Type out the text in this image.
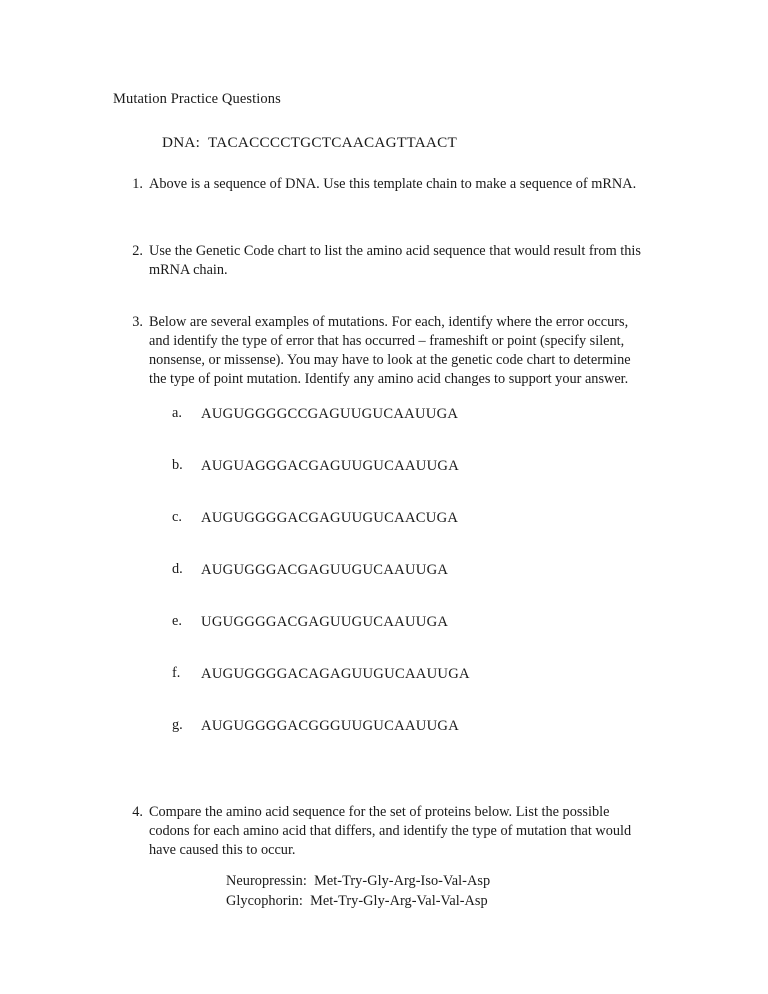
Mutation Practice Questions
DNA:  TACACCCCTGCTCAACAGTTAACT
1. Above is a sequence of DNA. Use this template chain to make a sequence of mRNA.
2. Use the Genetic Code chart to list the amino acid sequence that would result from this mRNA chain.
3. Below are several examples of mutations. For each, identify where the error occurs, and identify the type of error that has occurred – frameshift or point (specify silent, nonsense, or missense). You may have to look at the genetic code chart to determine the type of point mutation. Identify any amino acid changes to support your answer.
a.	AUGUGGGGCCGAGUUGUCAAUUGA
b.	AUGUAGGGACGAGUUGUCAAUUGA
c.	AUGUGGGGACGAGUUGUCAACUGA
d.	AUGUGGGACGAGUUGUCAAUUGA
e.	UGUGGGGACGAGUUGUCAAUUGA
f.	AUGUGGGGACAGAGUUGUCAAUUGA
g.	AUGUGGGGACGGGUUGUCAAUUGA
4. Compare the amino acid sequence for the set of proteins below. List the possible codons for each amino acid that differs, and identify the type of mutation that would have caused this to occur.
Neuropressin:  Met-Try-Gly-Arg-Iso-Val-Asp
Glycophorin:  Met-Try-Gly-Arg-Val-Val-Asp
